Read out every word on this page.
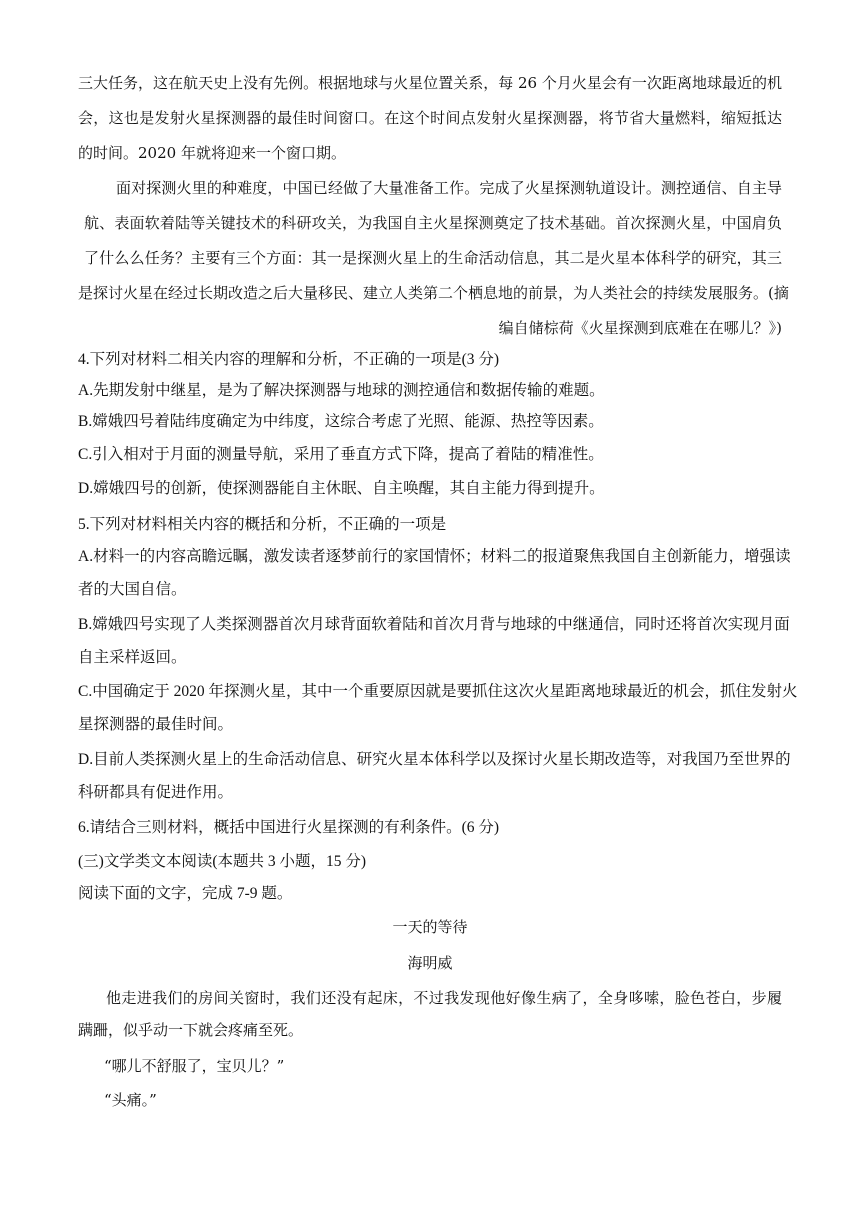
三大任务，这在航天史上没有先例。根据地球与火星位置关系，每 26 个月火星会有一次距离地球最近的机
会，这也是发射火星探测器的最佳时间窗口。在这个时间点发射火星探测器，将节省大量燃料，缩短抵达
的时间。2020 年就将迎来一个窗口期。
面对探测火里的种难度，中国已经做了大量准备工作。完成了火星探测轨道设计。测控通信、自主导
航、表面软着陆等关键技术的科研攻关，为我国自主火星探测奠定了技术基础。首次探测火星，中国肩负
了什么么任务？主要有三个方面：其一是探测火星上的生命活动信息，其二是火星本体科学的研究，其三
是探讨火星在经过长期改造之后大量移民、建立人类第二个栖息地的前景，为人类社会的持续发展服务。(摘
编自储棕荷《火星探测到底难在在哪儿？》)
4.下列对材料二相关内容的理解和分析，不正确的一项是(3 分)
A.先期发射中继星，是为了解决探测器与地球的测控通信和数据传输的难题。
B.嫦娥四号着陆纬度确定为中纬度，这综合考虑了光照、能源、热控等因素。
C.引入相对于月面的测量导航，采用了垂直方式下降，提高了着陆的精准性。
D.嫦娥四号的创新，使探测器能自主休眠、自主唤醒，其自主能力得到提升。
5.下列对材料相关内容的概括和分析，不正确的一项是
A.材料一的内容高瞻远瞩，激发读者逐梦前行的家国情怀；材料二的报道聚焦我国自主创新能力，增强读
者的大国自信。
B.嫦娥四号实现了人类探测器首次月球背面软着陆和首次月背与地球的中继通信，同时还将首次实现月面
自主采样返回。
C.中国确定于 2020 年探测火星，其中一个重要原因就是要抓住这次火星距离地球最近的机会，抓住发射火
星探测器的最佳时间。
D.目前人类探测火星上的生命活动信息、研究火星本体科学以及探讨火星长期改造等，对我国乃至世界的
科研都具有促进作用。
6.请结合三则材料，概括中国进行火星探测的有利条件。(6 分)
(三)文学类文本阅读(本题共 3 小题，15 分)
阅读下面的文字，完成 7-9 题。
一天的等待
海明威
他走进我们的房间关窗时，我们还没有起床，不过我发现他好像生病了，全身哆嗦，脸色苍白，步履
蹒跚，似乎动一下就会疼痛至死。
“哪儿不舒服了，宝贝儿？”
“头痛。”
